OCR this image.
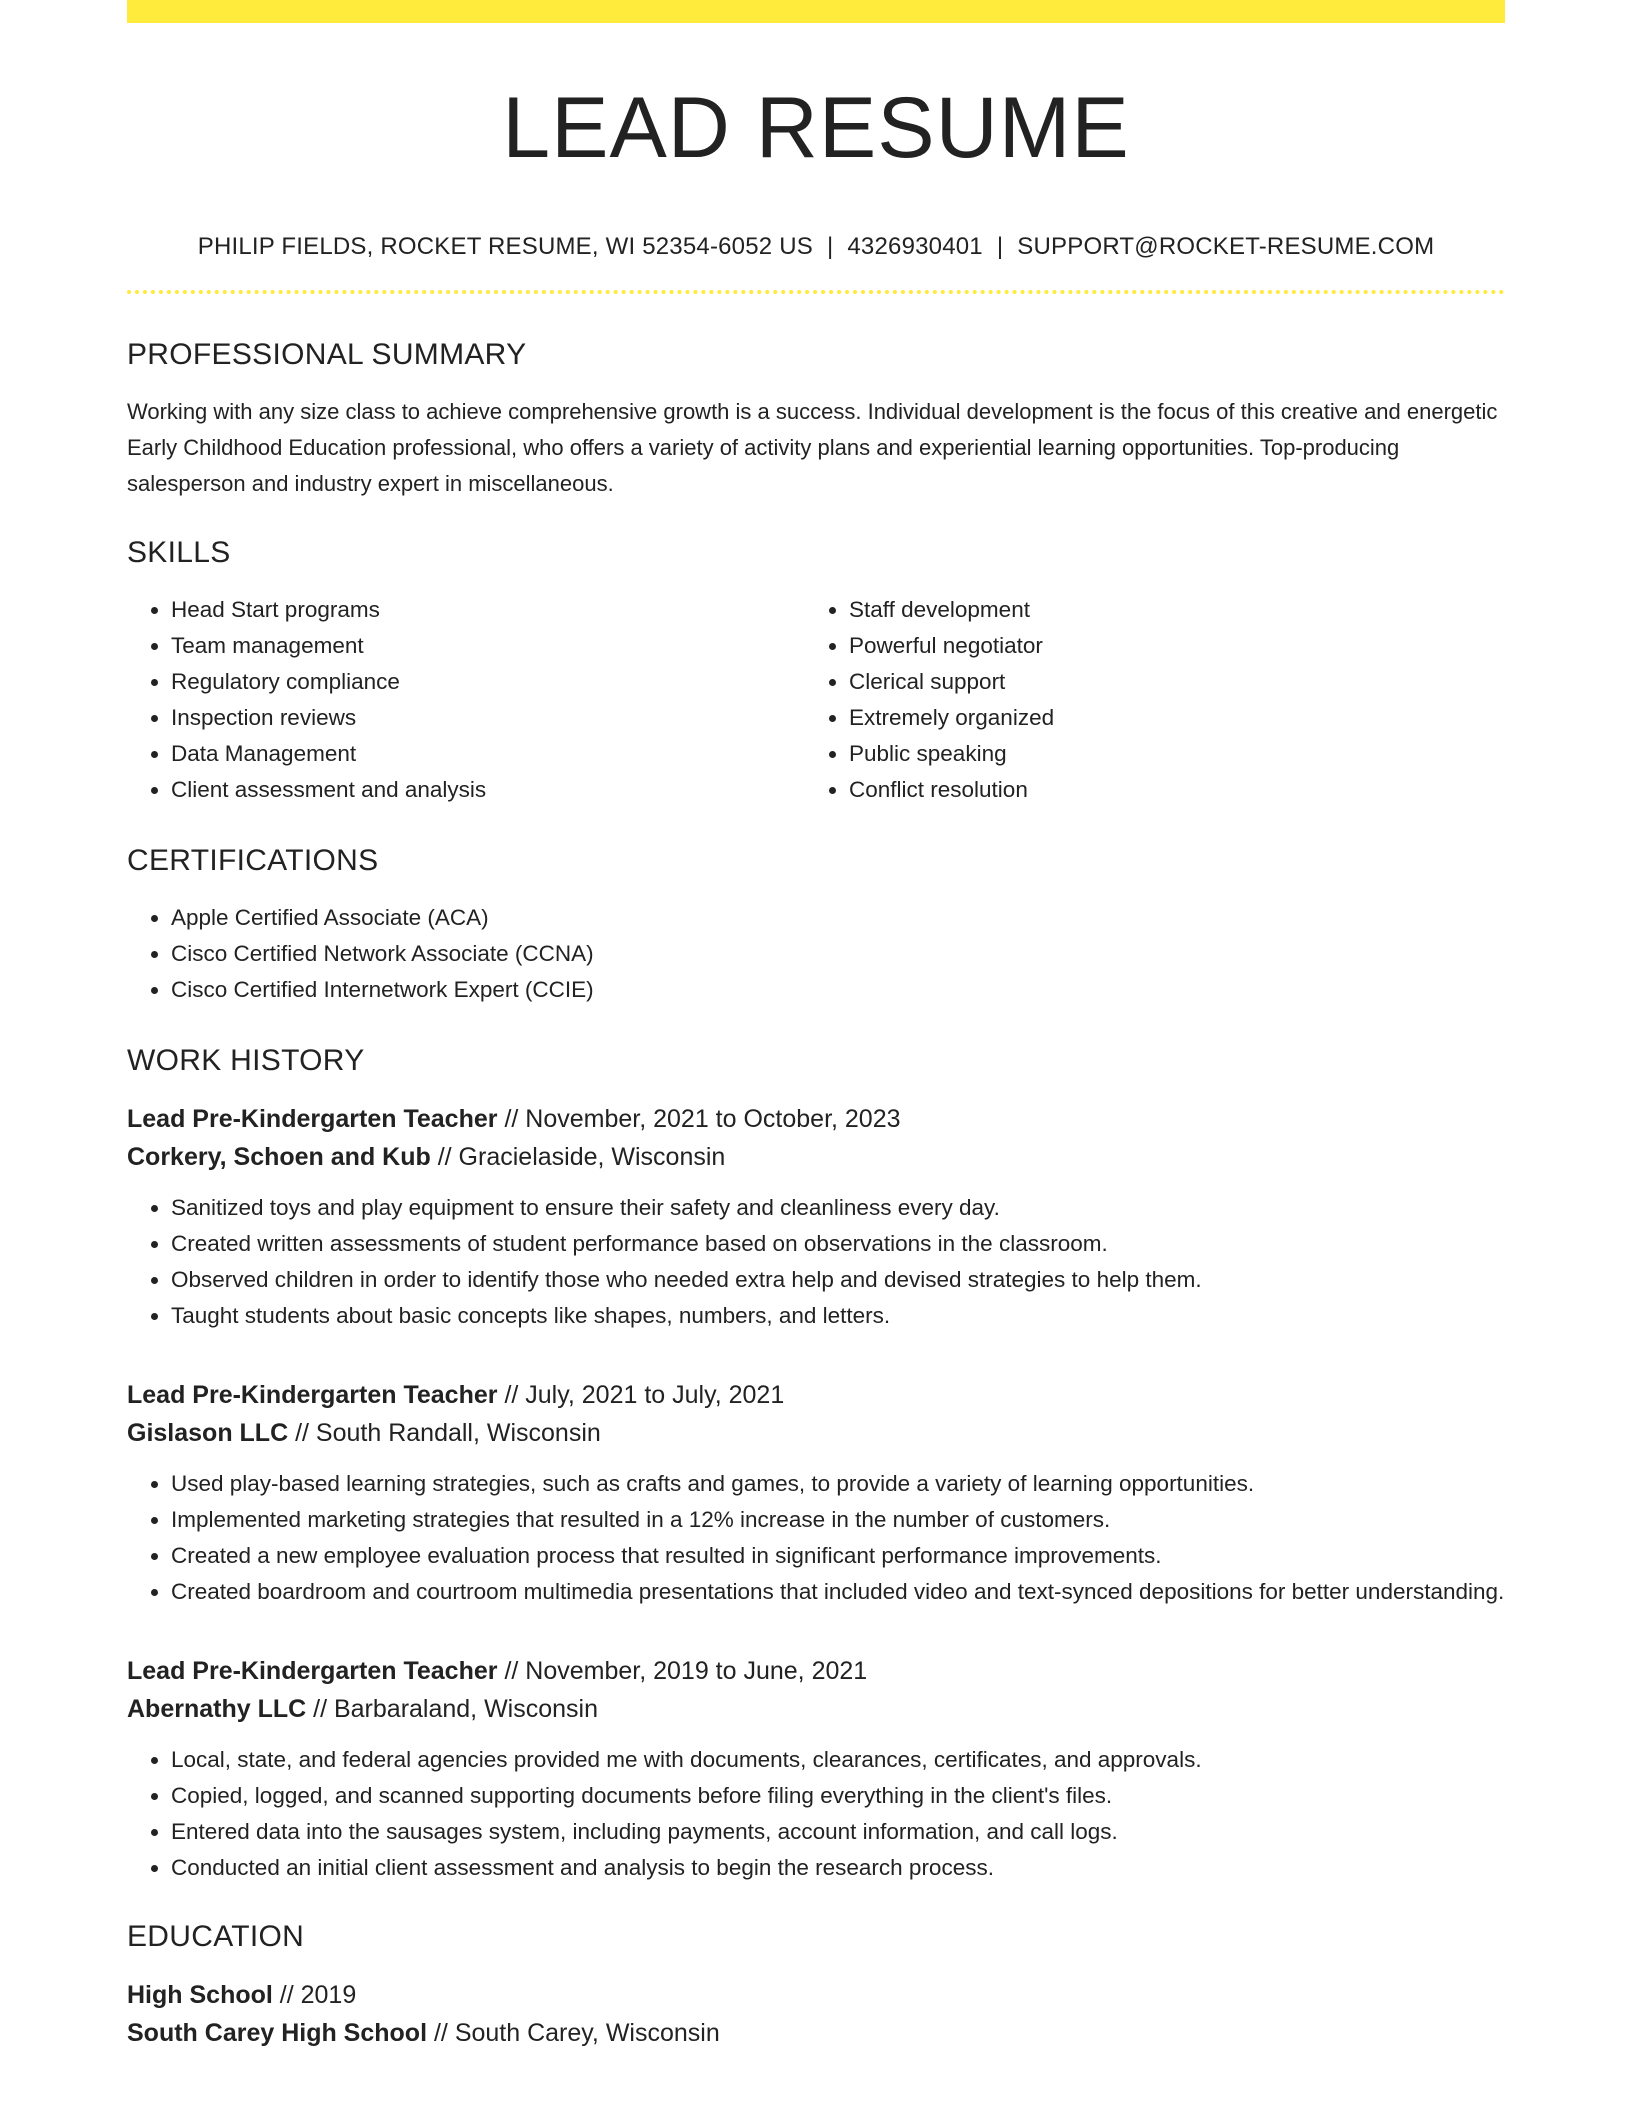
LEAD RESUME
PHILIP FIELDS, ROCKET RESUME, WI 52354-6052 US | 4326930401 | SUPPORT@ROCKET-RESUME.COM
PROFESSIONAL SUMMARY

Working with any size class to achieve comprehensive growth is a success. Individual development is the focus of this creative and energetic Early Childhood Education professional, who offers a variety of activity plans and experiential learning opportunities. Top-producing salesperson and industry expert in miscellaneous.

SKILLS
• Head Start programs
• Team management
• Regulatory compliance
• Inspection reviews
• Data Management
• Client assessment and analysis
• Staff development
• Powerful negotiator
• Clerical support
• Extremely organized
• Public speaking
• Conflict resolution
CERTIFICATIONS
• Apple Certified Associate (ACA)
• Cisco Certified Network Associate (CCNA)
• Cisco Certified Internetwork Expert (CCIE)
WORK HISTORY
Lead Pre-Kindergarten Teacher // November, 2021 to October, 2023
Corkery, Schoen and Kub // Gracielaside, Wisconsin
• Sanitized toys and play equipment to ensure their safety and cleanliness every day.
• Created written assessments of student performance based on observations in the classroom.
• Observed children in order to identify those who needed extra help and devised strategies to help them.
• Taught students about basic concepts like shapes, numbers, and letters.
Lead Pre-Kindergarten Teacher // July, 2021 to July, 2021
Gislason LLC // South Randall, Wisconsin
• Used play-based learning strategies, such as crafts and games, to provide a variety of learning opportunities.
• Implemented marketing strategies that resulted in a 12% increase in the number of customers.
• Created a new employee evaluation process that resulted in significant performance improvements.
• Created boardroom and courtroom multimedia presentations that included video and text-synced depositions for better understanding.
Lead Pre-Kindergarten Teacher // November, 2019 to June, 2021
Abernathy LLC // Barbaraland, Wisconsin
• Local, state, and federal agencies provided me with documents, clearances, certificates, and approvals.
• Copied, logged, and scanned supporting documents before filing everything in the client's files.
• Entered data into the sausages system, including payments, account information, and call logs.
• Conducted an initial client assessment and analysis to begin the research process.
EDUCATION
High School // 2019
South Carey High School // South Carey, Wisconsin
